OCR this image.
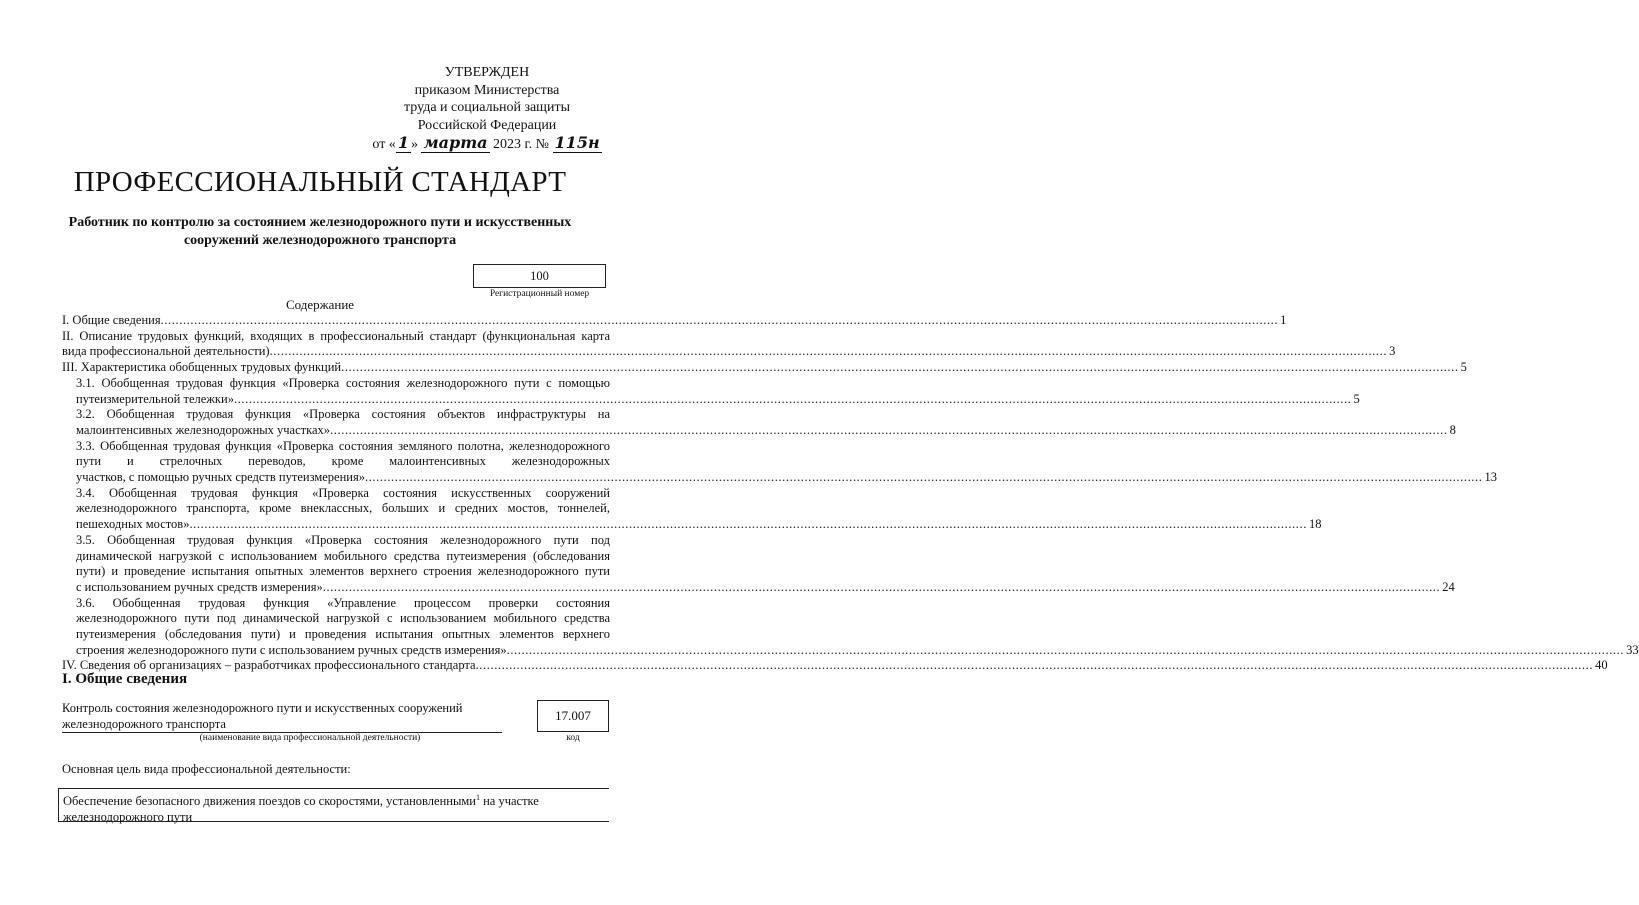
УТВЕРЖДЕН
приказом Министерства
труда и социальной защиты
Российской Федерации
от « 1 » марта 2023 г. № 115н
ПРОФЕССИОНАЛЬНЫЙ СТАНДАРТ
Работник по контролю за состоянием железнодорожного пути и искусственных сооружений железнодорожного транспорта
100
Регистрационный номер
Содержание
I. Общие сведения ............................................................................................................................................................................................................................................................................................................ 1
II. Описание трудовых функций, входящих в профессиональный стандарт (функциональная карта
вида профессиональной деятельности) ............................................................................................................................................................................................................................................................................................................ 3
III. Характеристика обобщенных трудовых функций ............................................................................................................................................................................................................................................................................................................ 5
3.1. Обобщенная трудовая функция «Проверка состояния железнодорожного пути с помощью
путеизмерительной тележки» ............................................................................................................................................................................................................................................................................................................ 5
3.2. Обобщенная трудовая функция «Проверка состояния объектов инфраструктуры на
малоинтенсивных железнодорожных участках» ............................................................................................................................................................................................................................................................................................................ 8
3.3. Обобщенная трудовая функция «Проверка состояния земляного полотна, железнодорожного пути и стрелочных переводов, кроме малоинтенсивных железнодорожных
участков, с помощью ручных средств путеизмерения» ............................................................................................................................................................................................................................................................................................................ 13
3.4. Обобщенная трудовая функция «Проверка состояния искусственных сооружений железнодорожного транспорта, кроме внеклассных, больших и средних мостов, тоннелей,
пешеходных мостов» ............................................................................................................................................................................................................................................................................................................ 18
3.5. Обобщенная трудовая функция «Проверка состояния железнодорожного пути под динамической нагрузкой с использованием мобильного средства путеизмерения (обследования пути) и проведение испытания опытных элементов верхнего строения железнодорожного пути
с использованием ручных средств измерения» ............................................................................................................................................................................................................................................................................................................ 24
3.6. Обобщенная трудовая функция «Управление процессом проверки состояния железнодорожного пути под динамической нагрузкой с использованием мобильного средства путеизмерения (обследования пути) и проведения испытания опытных элементов верхнего
строения железнодорожного пути с использованием ручных средств измерения» ............................................................................................................................................................................................................................................................................................................ 33
IV. Сведения об организациях – разработчиках профессионального стандарта ............................................................................................................................................................................................................................................................................................................ 40
I. Общие сведения
Контроль состояния железнодорожного пути и искусственных сооружений железнодорожного транспорта
(наименование вида профессиональной деятельности)
17.007
код
Основная цель вида профессиональной деятельности:
Обеспечение безопасного движения поездов со скоростями, установленными$^1$ на участке железнодорожного пути
